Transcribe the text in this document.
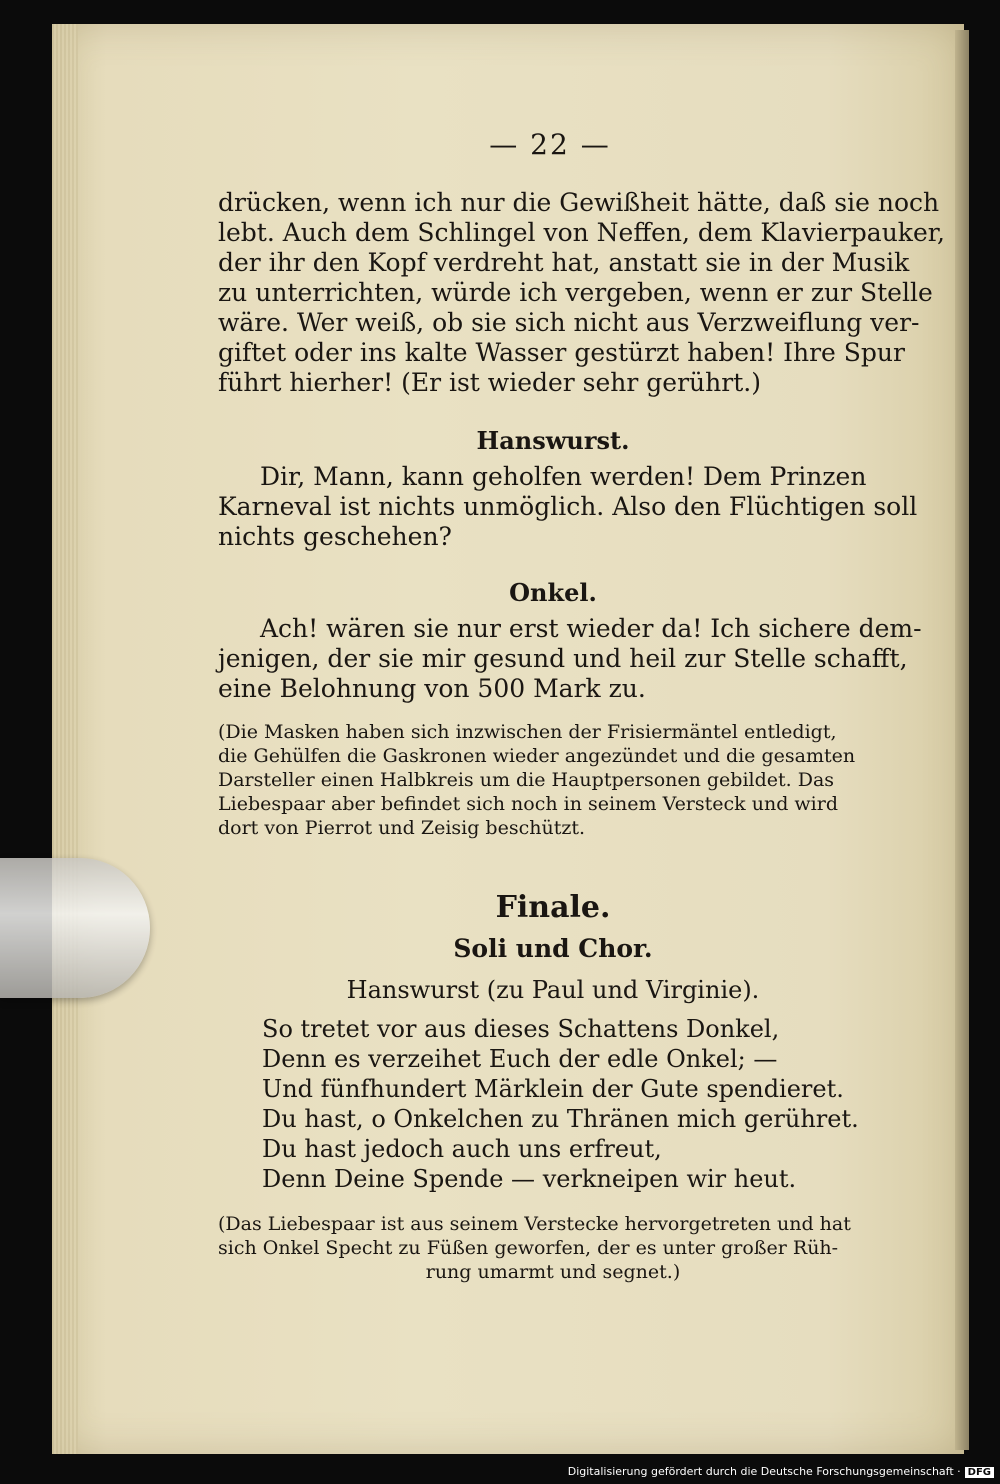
— 22 —
drücken, wenn ich nur die Gewißheit hätte, daß sie noch
lebt. Auch dem Schlingel von Neffen, dem Klavierpauker,
der ihr den Kopf verdreht hat, anstatt sie in der Musik
zu unterrichten, würde ich vergeben, wenn er zur Stelle
wäre. Wer weiß, ob sie sich nicht aus Verzweiflung ver-
giftet oder ins kalte Wasser gestürzt haben! Ihre Spur
führt hierher! (Er ist wieder sehr gerührt.)
Hanswurst.
Dir, Mann, kann geholfen werden! Dem Prinzen
Karneval ist nichts unmöglich. Also den Flüchtigen soll
nichts geschehen?
Onkel.
Ach! wären sie nur erst wieder da! Ich sichere dem-
jenigen, der sie mir gesund und heil zur Stelle schafft,
eine Belohnung von 500 Mark zu.
(Die Masken haben sich inzwischen der Frisiermäntel entledigt,
die Gehülfen die Gaskronen wieder angezündet und die gesamten
Darsteller einen Halbkreis um die Hauptpersonen gebildet. Das
Liebespaar aber befindet sich noch in seinem Versteck und wird
dort von Pierrot und Zeisig beschützt.
Finale.
Soli und Chor.
Hanswurst (zu Paul und Virginie).
So tretet vor aus dieses Schattens Donkel,
Denn es verzeihet Euch der edle Onkel; —
Und fünfhundert Märklein der Gute spendieret.
Du hast, o Onkelchen zu Thränen mich gerühret.
Du hast jedoch auch uns erfreut,
Denn Deine Spende — verkneipen wir heut.
(Das Liebespaar ist aus seinem Verstecke hervorgetreten und hat
sich Onkel Specht zu Füßen geworfen, der es unter großer Rüh-
rung umarmt und segnet.)
Digitalisierung gefördert durch die Deutsche Forschungsgemeinschaft · DFG
